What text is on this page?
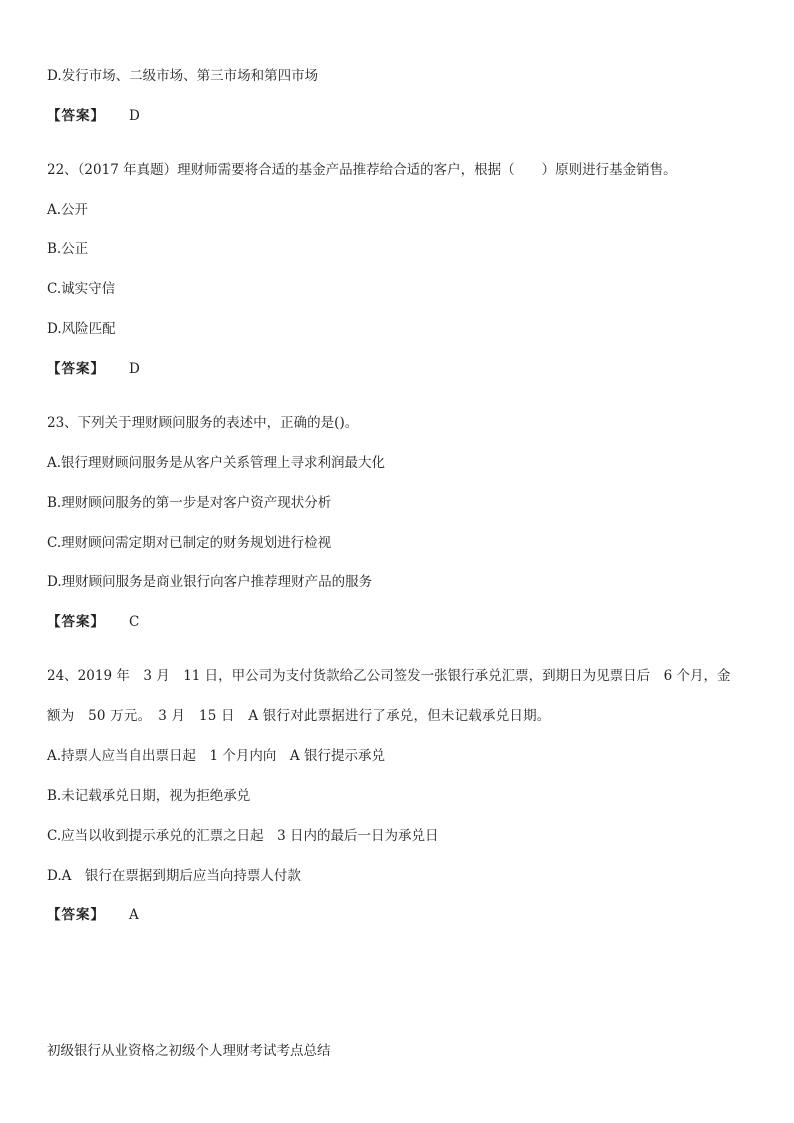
D.发行市场、二级市场、第三市场和第四市场
【答案】 D
22、（2017 年真题）理财师需要将合适的基金产品推荐给合适的客户，根据（　　）原则进行基金销售。
A.公开
B.公正
C.诚实守信
D.风险匹配
【答案】 D
23、下列关于理财顾问服务的表述中，正确的是()。
A.银行理财顾问服务是从客户关系管理上寻求利润最大化
B.理财顾问服务的第一步是对客户资产现状分析
C.理财顾问需定期对已制定的财务规划进行检视
D.理财顾问服务是商业银行向客户推荐理财产品的服务
【答案】 C
24、2019 年　3 月　11 日，甲公司为支付货款给乙公司签发一张银行承兑汇票，到期日为见票日后　6 个月，金
额为　50 万元。　3 月　15 日　A 银行对此票据进行了承兑，但未记载承兑日期。
A.持票人应当自出票日起　1 个月内向　A 银行提示承兑
B.未记载承兑日期，视为拒绝承兑
C.应当以收到提示承兑的汇票之日起　3 日内的最后一日为承兑日
D.A　银行在票据到期后应当向持票人付款
【答案】 A
初级银行从业资格之初级个人理财考试考点总结
